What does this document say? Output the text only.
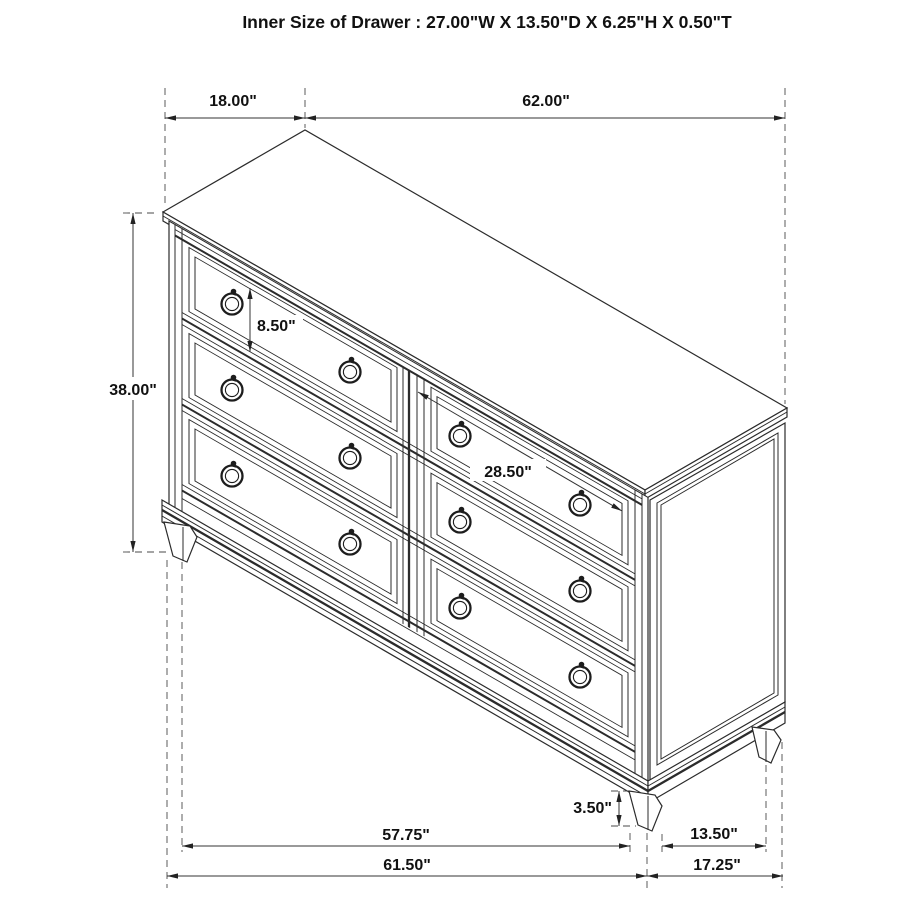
18.00"	62.00"
38.00"
8.50"
28.50"
3.50"
57.75"
61.50"
13.50"
17.25"
Inner Size of Drawer : 27.00"W X 13.50"D X 6.25"H X 0.50"T
